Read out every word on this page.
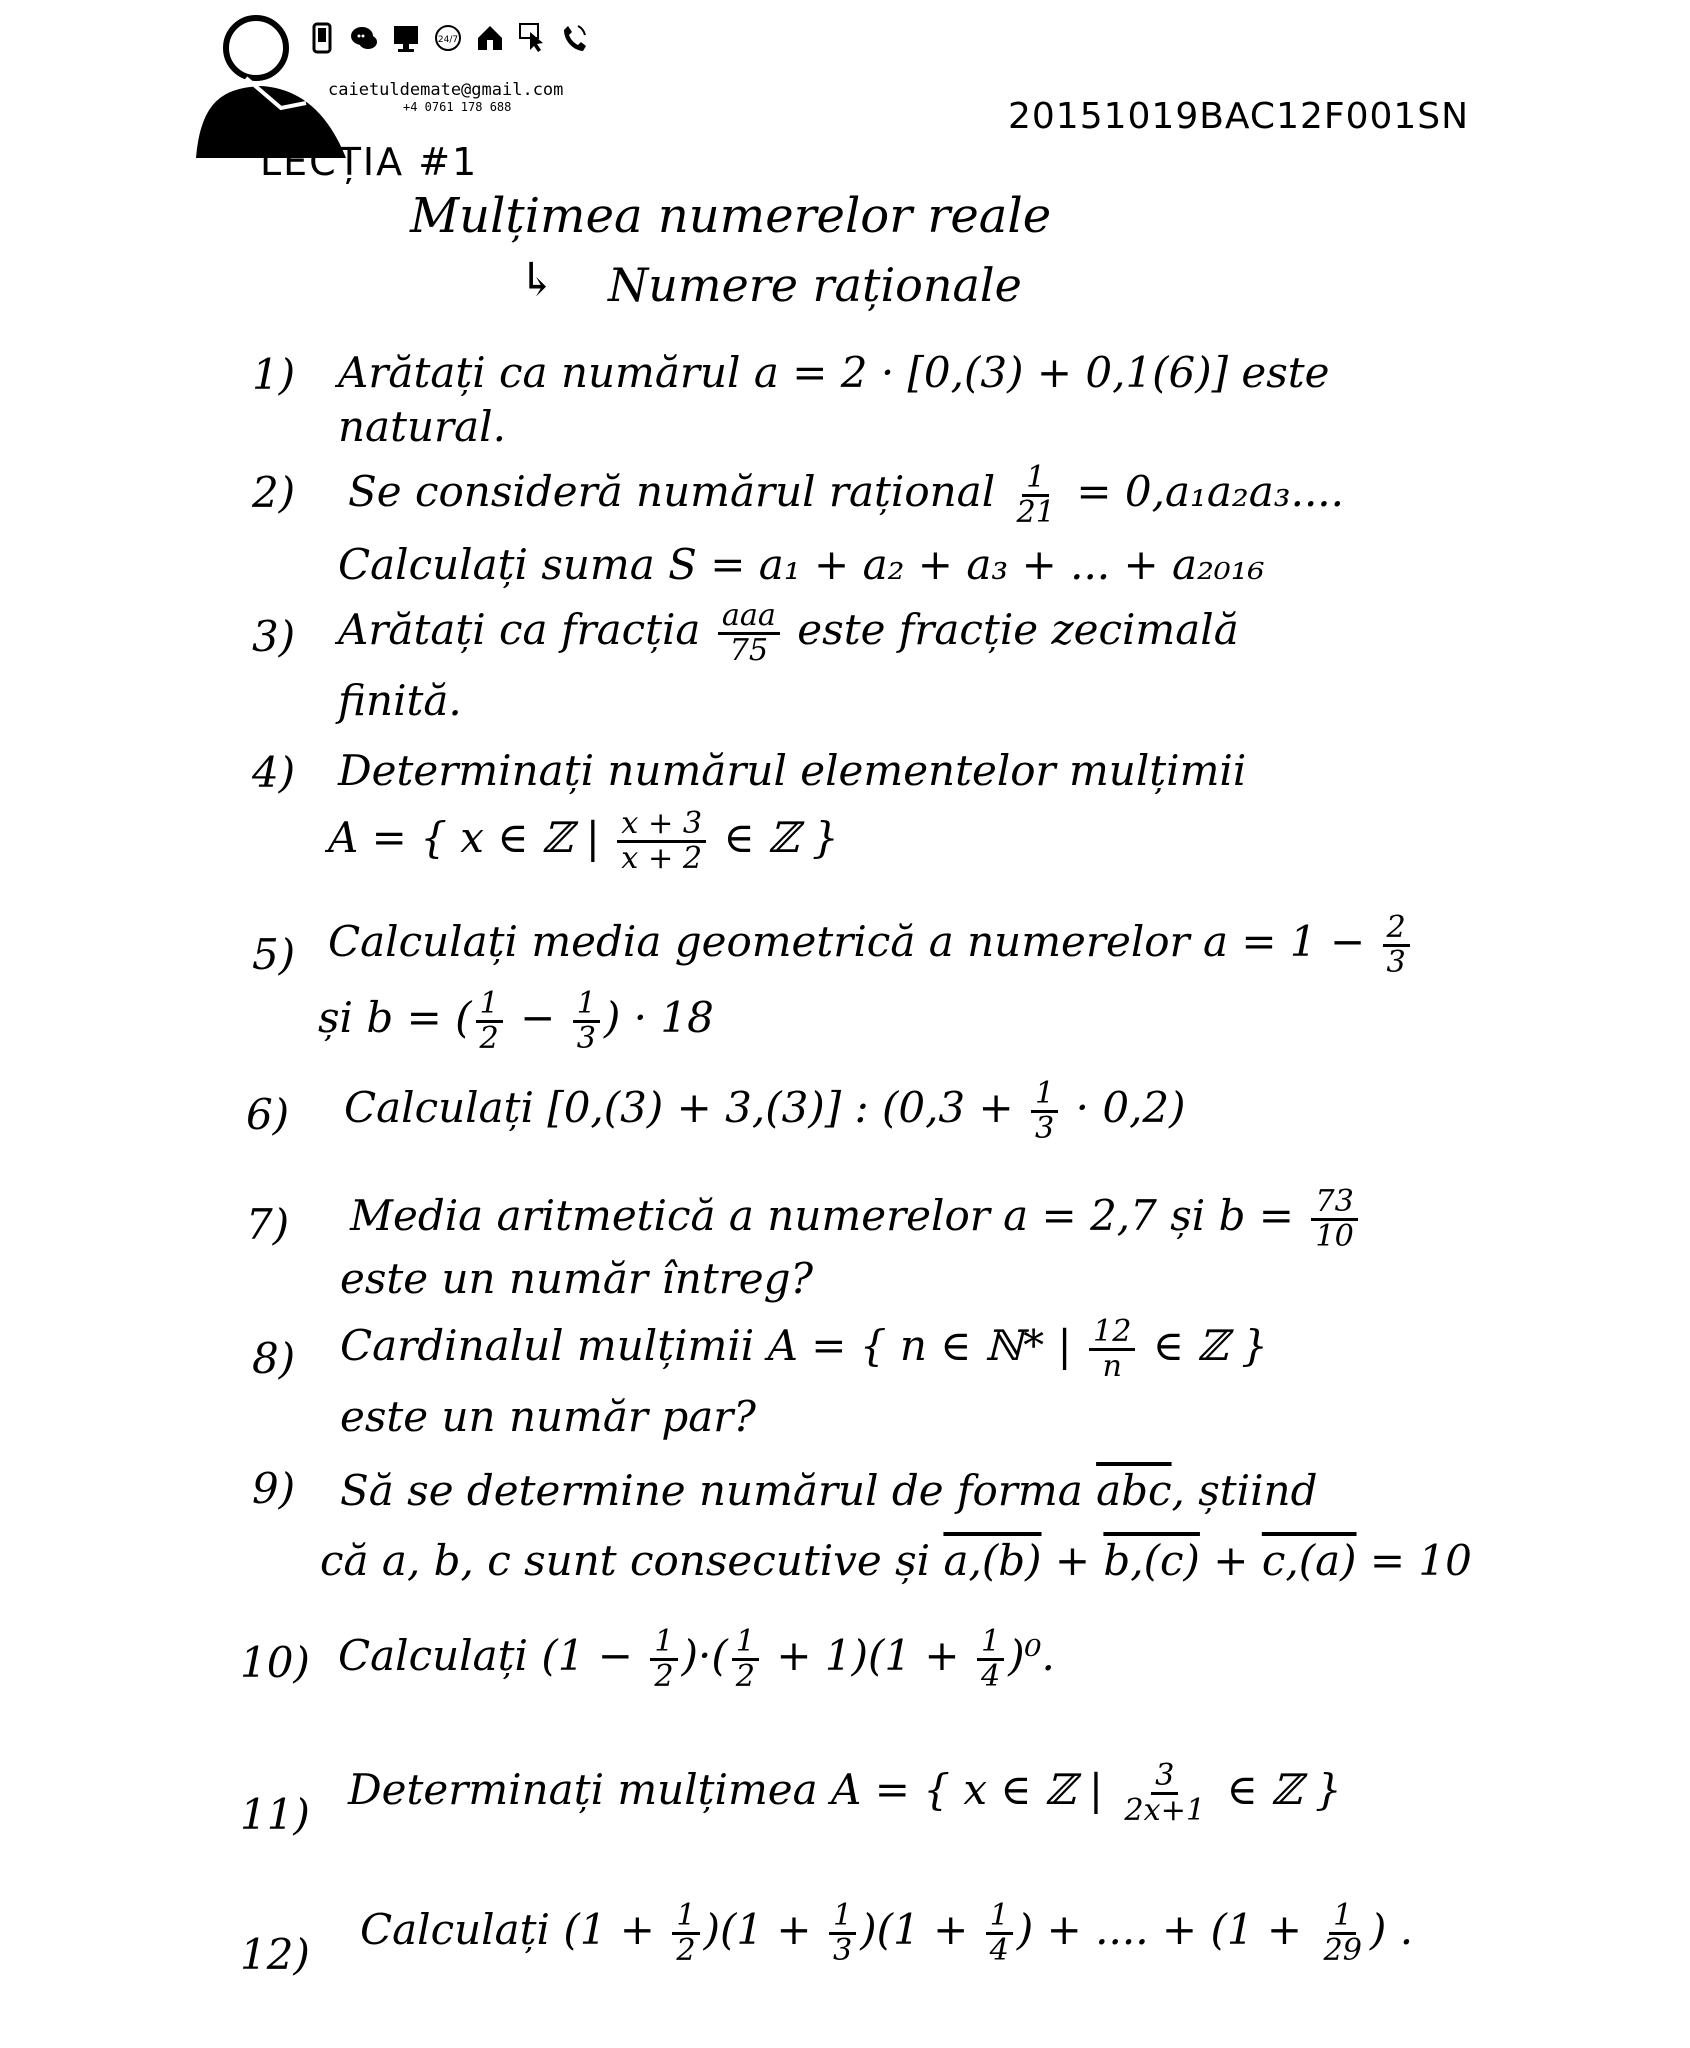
24/7
caietuldemate@gmail.com
+4 0761 178 688	20151019BAC12F001SN
LECȚIA #1
Mulțimea numerelor reale
↳ Numere raționale
1) Arătați ca numărul a = 2 · [0,(3) + 0,1(6)] este
natural.
2) Se consideră numărul rațional $\frac{1}{21} = 0,a_1a_2a_3$....
Calculați suma S = a₁ + a₂ + a₃ + ... + a₂₀₁₆
3) Arătați ca fracția $\frac{\text{aaa}}{75}$ este fracție zecimală
finită.
4) Determinați numărul elementelor mulțimii
A = { x ∈ ℤ | $\frac{x + 3}{x + 2}$ ∈ ℤ }
5) Calculați media geometrică a numerelor $a = 1 - \frac{2}{3}$
și b = ( $\frac{1}{2} - \frac{1}{3}$ ) · 18
6) Calculați [0,(3) + 3,(3)] : $(0,3 + \frac{1}{3} \cdot 0,2)$
7) Media aritmetică a numerelor a = 2,7 și $b = \frac{73}{10}$
este un număr întreg?
8) Cardinalul mulțimii A = { n ∈ ℕ* | $\frac{12}{n}$ ∈ ℤ }
este un număr par?
9) Să se determine numărul de forma $\overline{abc}$, știind
că a, b, c sunt consecutive și a,(b) + b,(c) + c,(a) = 10
10) Calculați ($1 - \frac{1}{2}$ )·( $\frac{1}{2} + 1)(1 + \frac{1}{4} )^0$.
11)
Determinați mulțimea A = { x ∈ ℤ | $\frac{3}{2x+1}$ ∈ ℤ }
12)
Calculați $(1 + \frac{1}{2} )(1 + \frac{1}{3} )(1 + \frac{1}{4}$ ) + .... + ($1 + \frac{1}{29}$ ) .
